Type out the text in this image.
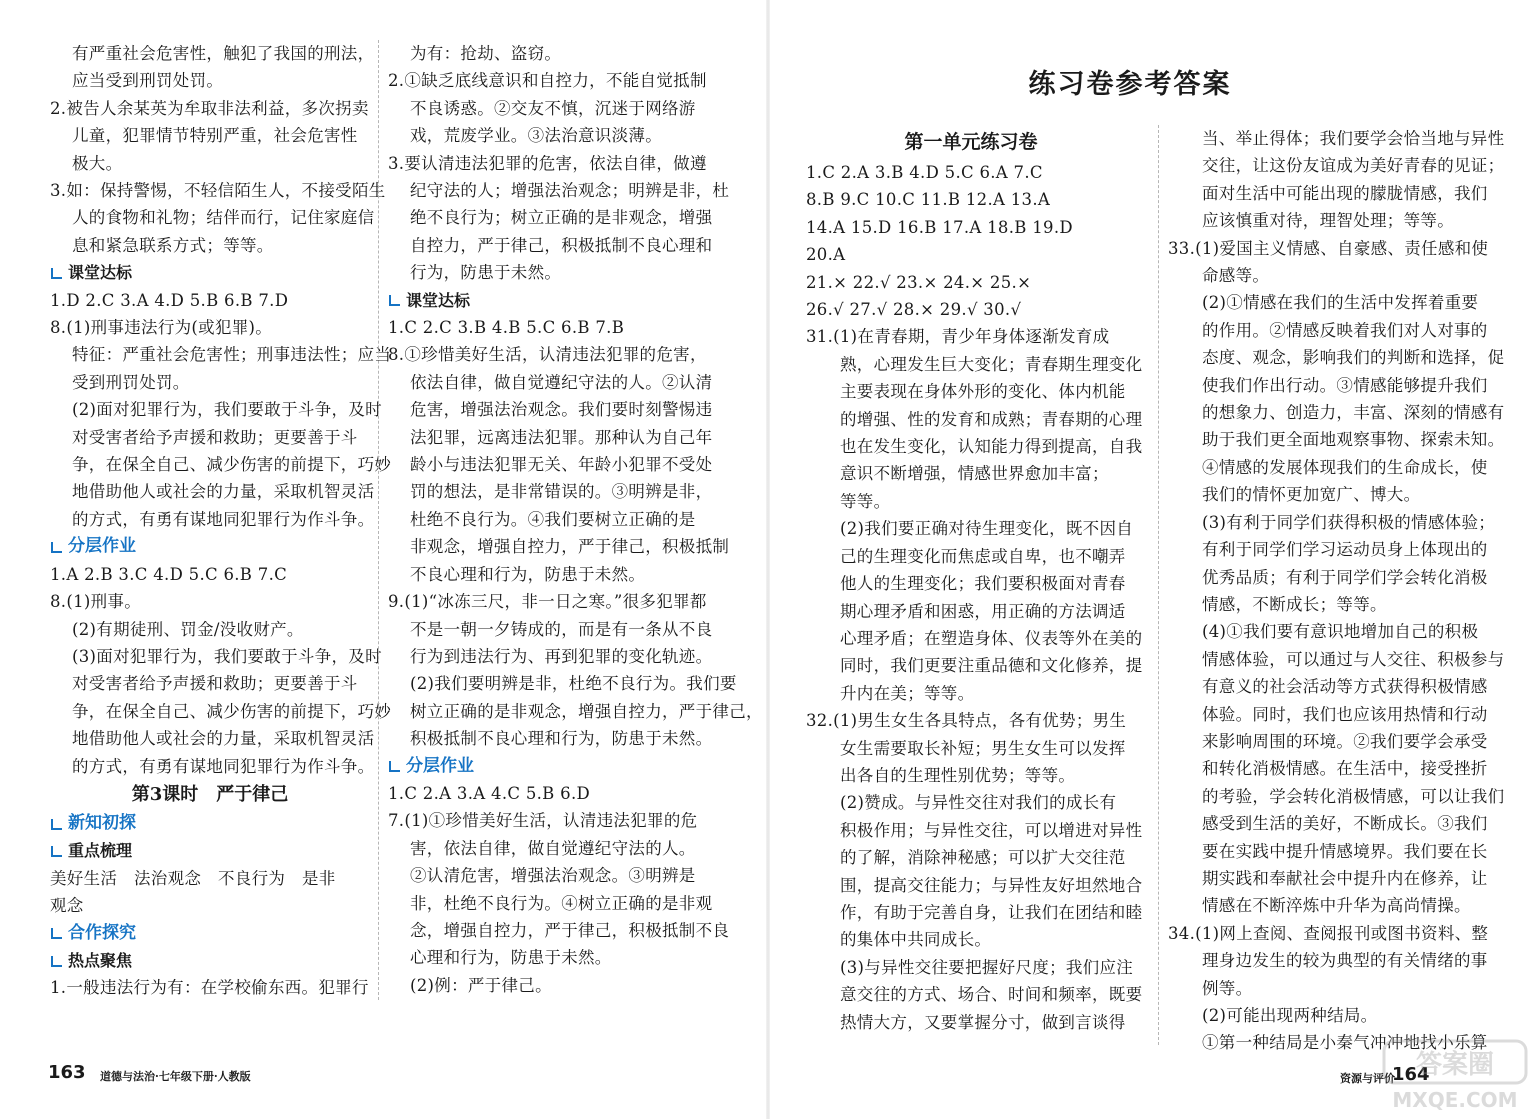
有严重社会危害性，触犯了我国的刑法，
应当受到刑罚处罚。
2.被告人余某英为牟取非法利益，多次拐卖
儿童，犯罪情节特别严重，社会危害性
极大。
3.如：保持警惕，不轻信陌生人，不接受陌生
人的食物和礼物；结伴而行，记住家庭信
息和紧急联系方式；等等。
课堂达标
1.D 2.C 3.A 4.D 5.B 6.B 7.D
8.(1)刑事违法行为(或犯罪)。
特征：严重社会危害性；刑事违法性；应当
受到刑罚处罚。
(2)面对犯罪行为，我们要敢于斗争，及时
对受害者给予声援和救助；更要善于斗
争，在保全自己、减少伤害的前提下，巧妙
地借助他人或社会的力量，采取机智灵活
的方式，有勇有谋地同犯罪行为作斗争。
分层作业
1.A 2.B 3.C 4.D 5.C 6.B 7.C
8.(1)刑事。
(2)有期徒刑、罚金/没收财产。
(3)面对犯罪行为，我们要敢于斗争，及时
对受害者给予声援和救助；更要善于斗
争，在保全自己、减少伤害的前提下，巧妙
地借助他人或社会的力量，采取机智灵活
的方式，有勇有谋地同犯罪行为作斗争。
第3课时　严于律己
新知初探
重点梳理
美好生活　法治观念　不良行为　是非
观念
合作探究
热点聚焦
1.一般违法行为有：在学校偷东西。犯罪行
为有：抢劫、盗窃。
2.①缺乏底线意识和自控力，不能自觉抵制
不良诱惑。②交友不慎，沉迷于网络游
戏，荒废学业。③法治意识淡薄。
3.要认清违法犯罪的危害，依法自律，做遵
纪守法的人；增强法治观念；明辨是非，杜
绝不良行为；树立正确的是非观念，增强
自控力，严于律己，积极抵制不良心理和
行为，防患于未然。
课堂达标
1.C 2.C 3.B 4.B 5.C 6.B 7.B
8.①珍惜美好生活，认清违法犯罪的危害，
依法自律，做自觉遵纪守法的人。②认清
危害，增强法治观念。我们要时刻警惕违
法犯罪，远离违法犯罪。那种认为自己年
龄小与违法犯罪无关、年龄小犯罪不受处
罚的想法，是非常错误的。③明辨是非，
杜绝不良行为。④我们要树立正确的是
非观念，增强自控力，严于律己，积极抵制
不良心理和行为，防患于未然。
9.(1)“冰冻三尺，非一日之寒。”很多犯罪都
不是一朝一夕铸成的，而是有一条从不良
行为到违法行为、再到犯罪的变化轨迹。
(2)我们要明辨是非，杜绝不良行为。我们要
树立正确的是非观念，增强自控力，严于律己，
积极抵制不良心理和行为，防患于未然。
分层作业
1.C 2.A 3.A 4.C 5.B 6.D
7.(1)①珍惜美好生活，认清违法犯罪的危
害，依法自律，做自觉遵纪守法的人。
②认清危害，增强法治观念。③明辨是
非，杜绝不良行为。④树立正确的是非观
念，增强自控力，严于律己，积极抵制不良
心理和行为，防患于未然。
(2)例：严于律己。
练习卷参考答案
第一单元练习卷
1.C 2.A 3.B 4.D 5.C 6.A 7.C
8.B 9.C 10.C 11.B 12.A 13.A
14.A 15.D 16.B 17.A 18.B 19.D
20.A
21.× 22.√ 23.× 24.× 25.×
26.√ 27.√ 28.× 29.√ 30.√
31.(1)在青春期，青少年身体逐渐发育成
熟，心理发生巨大变化；青春期生理变化
主要表现在身体外形的变化、体内机能
的增强、性的发育和成熟；青春期的心理
也在发生变化，认知能力得到提高，自我
意识不断增强，情感世界愈加丰富；
等等。
(2)我们要正确对待生理变化，既不因自
己的生理变化而焦虑或自卑，也不嘲弄
他人的生理变化；我们要积极面对青春
期心理矛盾和困惑，用正确的方法调适
心理矛盾；在塑造身体、仪表等外在美的
同时，我们更要注重品德和文化修养，提
升内在美；等等。
32.(1)男生女生各具特点，各有优势；男生
女生需要取长补短；男生女生可以发挥
出各自的生理性别优势；等等。
(2)赞成。与异性交往对我们的成长有
积极作用；与异性交往，可以增进对异性
的了解，消除神秘感；可以扩大交往范
围，提高交往能力；与异性友好坦然地合
作，有助于完善自身，让我们在团结和睦
的集体中共同成长。
(3)与异性交往要把握好尺度；我们应注
意交往的方式、场合、时间和频率，既要
热情大方，又要掌握分寸，做到言谈得
当、举止得体；我们要学会恰当地与异性
交往，让这份友谊成为美好青春的见证；
面对生活中可能出现的朦胧情感，我们
应该慎重对待，理智处理；等等。
33.(1)爱国主义情感、自豪感、责任感和使
命感等。
(2)①情感在我们的生活中发挥着重要
的作用。②情感反映着我们对人对事的
态度、观念，影响我们的判断和选择，促
使我们作出行动。③情感能够提升我们
的想象力、创造力，丰富、深刻的情感有
助于我们更全面地观察事物、探索未知。
④情感的发展体现我们的生命成长，使
我们的情怀更加宽广、博大。
(3)有利于同学们获得积极的情感体验；
有利于同学们学习运动员身上体现出的
优秀品质；有利于同学们学会转化消极
情感，不断成长；等等。
(4)①我们要有意识地增加自己的积极
情感体验，可以通过与人交往、积极参与
有意义的社会活动等方式获得积极情感
体验。同时，我们也应该用热情和行动
来影响周围的环境。②我们要学会承受
和转化消极情感。在生活中，接受挫折
的考验，学会转化消极情感，可以让我们
感受到生活的美好，不断成长。③我们
要在实践中提升情感境界。我们要在长
期实践和奉献社会中提升内在修养，让
情感在不断淬炼中升华为高尚情操。
34.(1)网上查阅、查阅报刊或图书资料、整
理身边发生的较为典型的有关情绪的事
例等。
(2)可能出现两种结局。
①第一种结局是小秦气冲冲地找小乐算
163 道德与法治·七年级下册·人教版	资源与评价
164
答案圈
MXQE.COM
